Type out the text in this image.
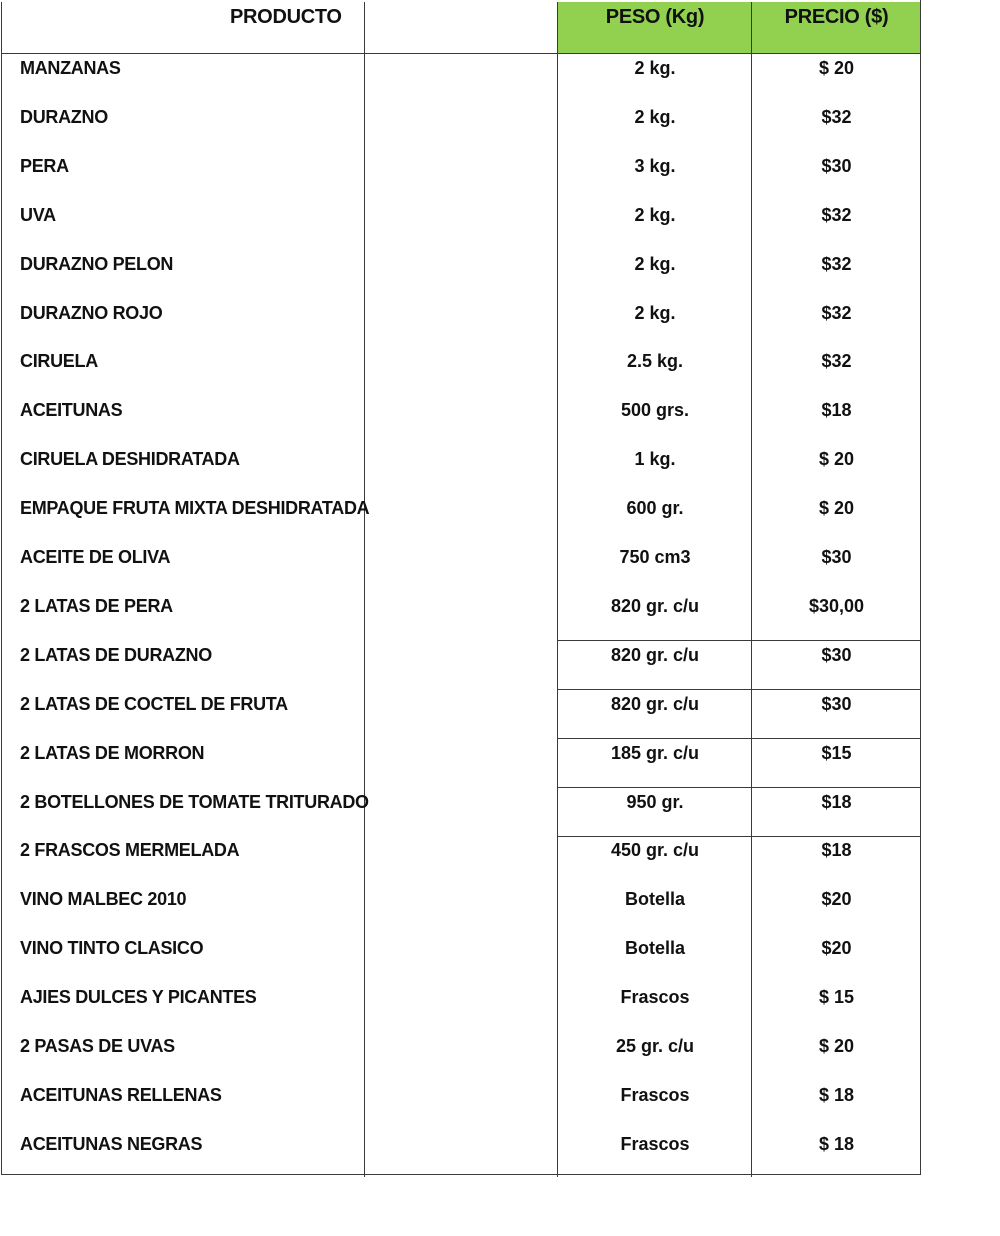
PRODUCTO	PESO (Kg)	PRECIO ($)
MANZANAS	2 kg.	$ 20
DURAZNO	2 kg.	$32
PERA	3 kg.	$30
UVA	2 kg.	$32
DURAZNO PELON	2 kg.	$32
DURAZNO ROJO	2 kg.	$32
CIRUELA	2.5 kg.	$32
ACEITUNAS	500 grs.	$18
CIRUELA DESHIDRATADA	1 kg.	$ 20
EMPAQUE FRUTA MIXTA DESHIDRATADA	600 gr.	$ 20
ACEITE DE OLIVA	750 cm3	$30
2 LATAS DE PERA	820 gr. c/u	$30,00
2 LATAS DE DURAZNO	820 gr. c/u	$30
2 LATAS DE COCTEL DE FRUTA	820 gr. c/u	$30
2 LATAS DE MORRON	185 gr. c/u	$15
2 BOTELLONES DE TOMATE TRITURADO	950 gr.	$18
2 FRASCOS MERMELADA	450 gr. c/u	$18
VINO MALBEC 2010	Botella	$20
VINO TINTO CLASICO	Botella	$20
AJIES DULCES Y PICANTES	Frascos	$ 15
2 PASAS DE UVAS	25 gr. c/u	$ 20
ACEITUNAS RELLENAS	Frascos	$ 18
ACEITUNAS NEGRAS	Frascos	$ 18
